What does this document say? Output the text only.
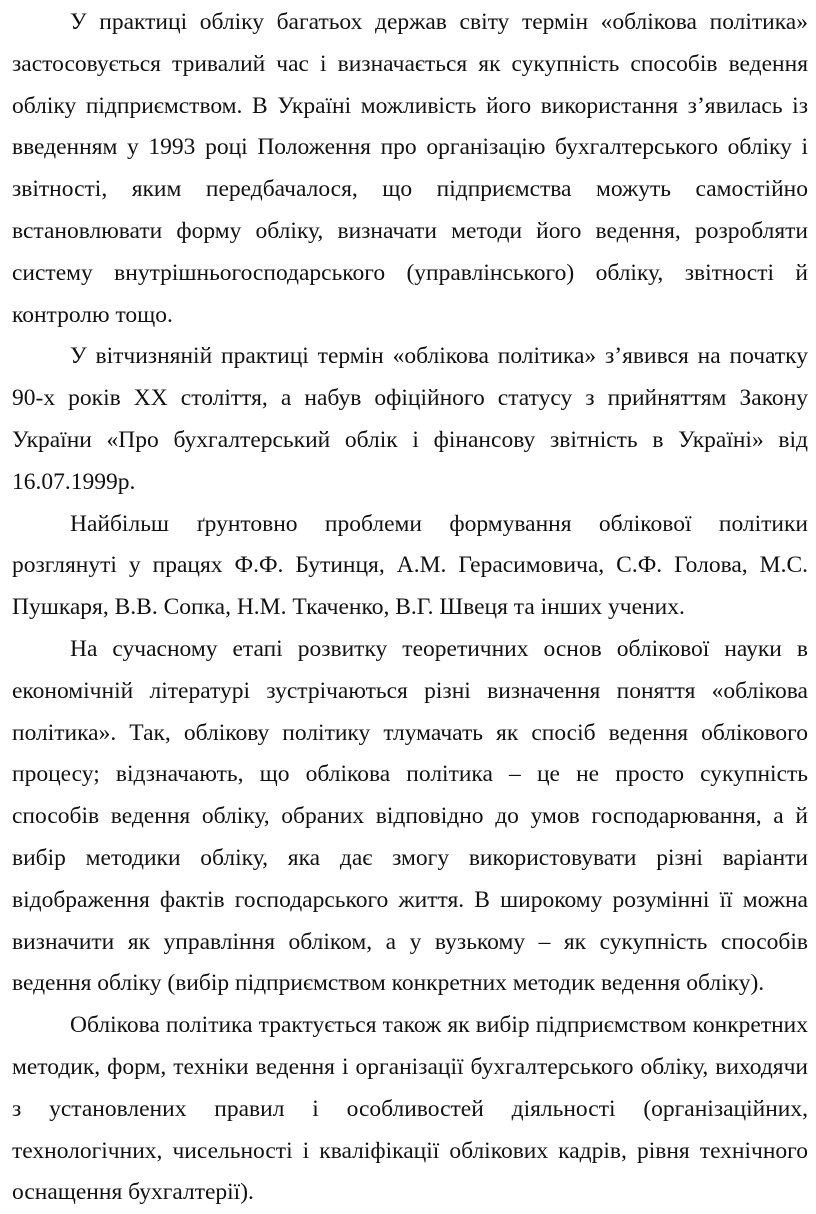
У практиці обліку багатьох держав світу термін «облікова політика» застосовується тривалий час і визначається як сукупність способів ведення обліку підприємством. В Україні можливість його використання з’явилась із введенням у 1993 році Положення про організацію бухгалтерського обліку і звітності, яким передбачалося, що підприємства можуть самостійно встановлювати форму обліку, визначати методи його ведення, розробляти систему внутрішньогосподарського (управлінського) обліку, звітності й контролю тощо.

У вітчизняній практиці термін «облікова політика» з’явився на початку 90-х років XX століття, а набув офіційного статусу з прийняттям Закону України «Про бухгалтерський облік і фінансову звітність в Україні» від 16.07.1999р.

Найбільш ґрунтовно проблеми формування облікової політики розглянуті у працях Ф.Ф. Бутинця, А.М. Герасимовича, С.Ф. Голова, М.С. Пушкаря, В.В. Сопка, Н.М. Ткаченко, В.Г. Швеця та інших учених.

На сучасному етапі розвитку теоретичних основ облікової науки в економічній літературі зустрічаються різні визначення поняття «облікова політика». Так, облікову політику тлумачать як спосіб ведення облікового процесу; відзначають, що облікова політика – це не просто сукупність способів ведення обліку, обраних відповідно до умов господарювання, а й вибір методики обліку, яка дає змогу використовувати різні варіанти відображення фактів господарського життя. В широкому розумінні її можна визначити як управління обліком, а у вузькому – як сукупність способів ведення обліку (вибір підприємством конкретних методик ведення обліку).

Облікова політика трактується також як вибір підприємством конкретних методик, форм, техніки ведення і організації бухгалтерського обліку, виходячи з установлених правил і особливостей діяльності (організаційних, технологічних, чисельності і кваліфікації облікових кадрів, рівня технічного оснащення бухгалтерії).
